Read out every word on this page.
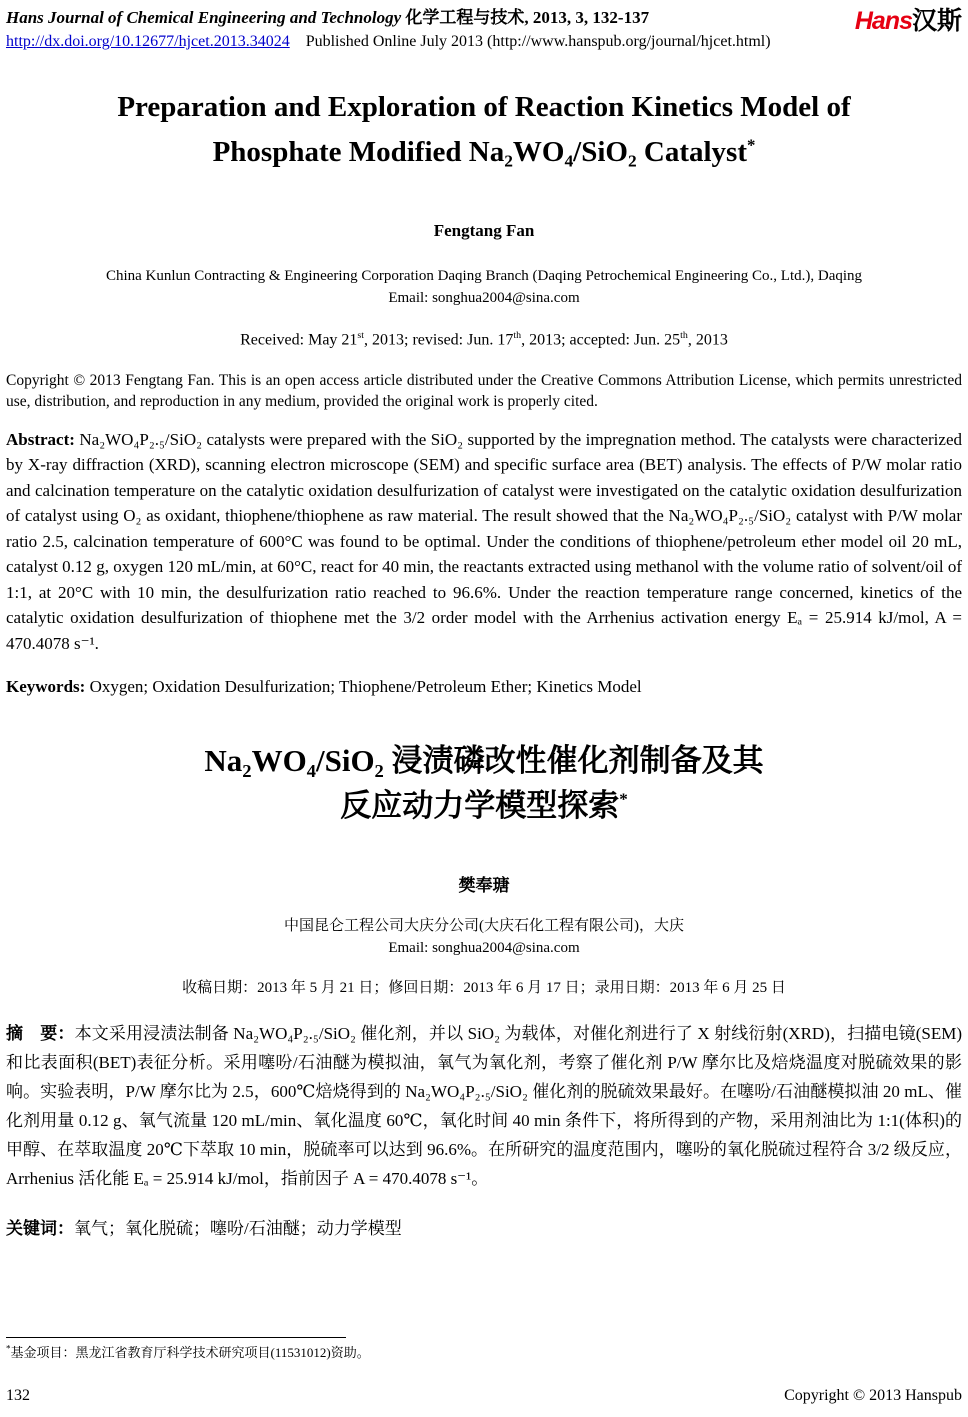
Hans Journal of Chemical Engineering and Technology 化学工程与技术, 2013, 3, 132-137
http://dx.doi.org/10.12677/hjcet.2013.34024 Published Online July 2013 (http://www.hanspub.org/journal/hjcet.html)
Hans汉斯
Preparation and Exploration of Reaction Kinetics Model of
Phosphate Modified Na₂WO₄/SiO₂ Catalyst*
Fengtang Fan
China Kunlun Contracting & Engineering Corporation Daqing Branch (Daqing Petrochemical Engineering Co., Ltd.), Daqing
Email: songhua2004@sina.com
Received: May 21st, 2013; revised: Jun. 17th, 2013; accepted: Jun. 25th, 2013

Copyright © 2013 Fengtang Fan. This is an open access article distributed under the Creative Commons Attribution License, which permits unrestricted use, distribution, and reproduction in any medium, provided the original work is properly cited.

Abstract: Na₂WO₄P₂.₅/SiO₂ catalysts were prepared with the SiO₂ supported by the impregnation method. The catalysts were characterized by X-ray diffraction (XRD), scanning electron microscope (SEM) and specific surface area (BET) analysis. The effects of P/W molar ratio and calcination temperature on the catalytic oxidation desulfurization of catalyst were investigated on the catalytic oxidation desulfurization of catalyst using O₂ as oxidant, thiophene/thiophene as raw material. The result showed that the Na₂WO₄P₂.₅/SiO₂ catalyst with P/W molar ratio 2.5, calcination temperature of 600°C was found to be optimal. Under the conditions of thiophene/petroleum ether model oil 20 mL, catalyst 0.12 g, oxygen 120 mL/min, at 60°C, react for 40 min, the reactants extracted using methanol with the volume ratio of solvent/oil of 1:1, at 20°C with 10 min, the desulfurization ratio reached to 96.6%. Under the reaction temperature range concerned, kinetics of the catalytic oxidation desulfurization of thiophene met the 3/2 order model with the Arrhenius activation energy Eₐ = 25.914 kJ/mol, A = 470.4078 s⁻¹.

Keywords: Oxygen; Oxidation Desulfurization; Thiophene/Petroleum Ether; Kinetics Model

Na₂WO₄/SiO₂ 浸渍磷改性催化剂制备及其
反应动力学模型探索*
樊奉瑭
中国昆仑工程公司大庆分公司(大庆石化工程有限公司)，大庆
Email: songhua2004@sina.com
收稿日期：2013 年 5 月 21 日；修回日期：2013 年 6 月 17 日；录用日期：2013 年 6 月 25 日

摘　要：本文采用浸渍法制备 Na₂WO₄P₂.₅/SiO₂ 催化剂，并以 SiO₂ 为载体，对催化剂进行了 X 射线衍射(XRD)，扫描电镜(SEM)和比表面积(BET)表征分析。采用噻吩/石油醚为模拟油，氧气为氧化剂，考察了催化剂 P/W 摩尔比及焙烧温度对脱硫效果的影响。实验表明，P/W 摩尔比为 2.5，600℃焙烧得到的 Na₂WO₄P₂.₅/SiO₂ 催化剂的脱硫效果最好。在噻吩/石油醚模拟油 20 mL、催化剂用量 0.12 g、氧气流量 120 mL/min、氧化温度 60℃，氧化时间 40 min 条件下，将所得到的产物，采用剂油比为 1:1(体积)的甲醇、在萃取温度 20℃下萃取 10 min，脱硫率可以达到 96.6%。在所研究的温度范围内，噻吩的氧化脱硫过程符合 3/2 级反应，Arrhenius 活化能 Eₐ = 25.914 kJ/mol，指前因子 A = 470.4078 s⁻¹。

关键词：氧气；氧化脱硫；噻吩/石油醚；动力学模型

*基金项目：黑龙江省教育厅科学技术研究项目(11531012)资助。
132	Copyright © 2013 Hanspub
